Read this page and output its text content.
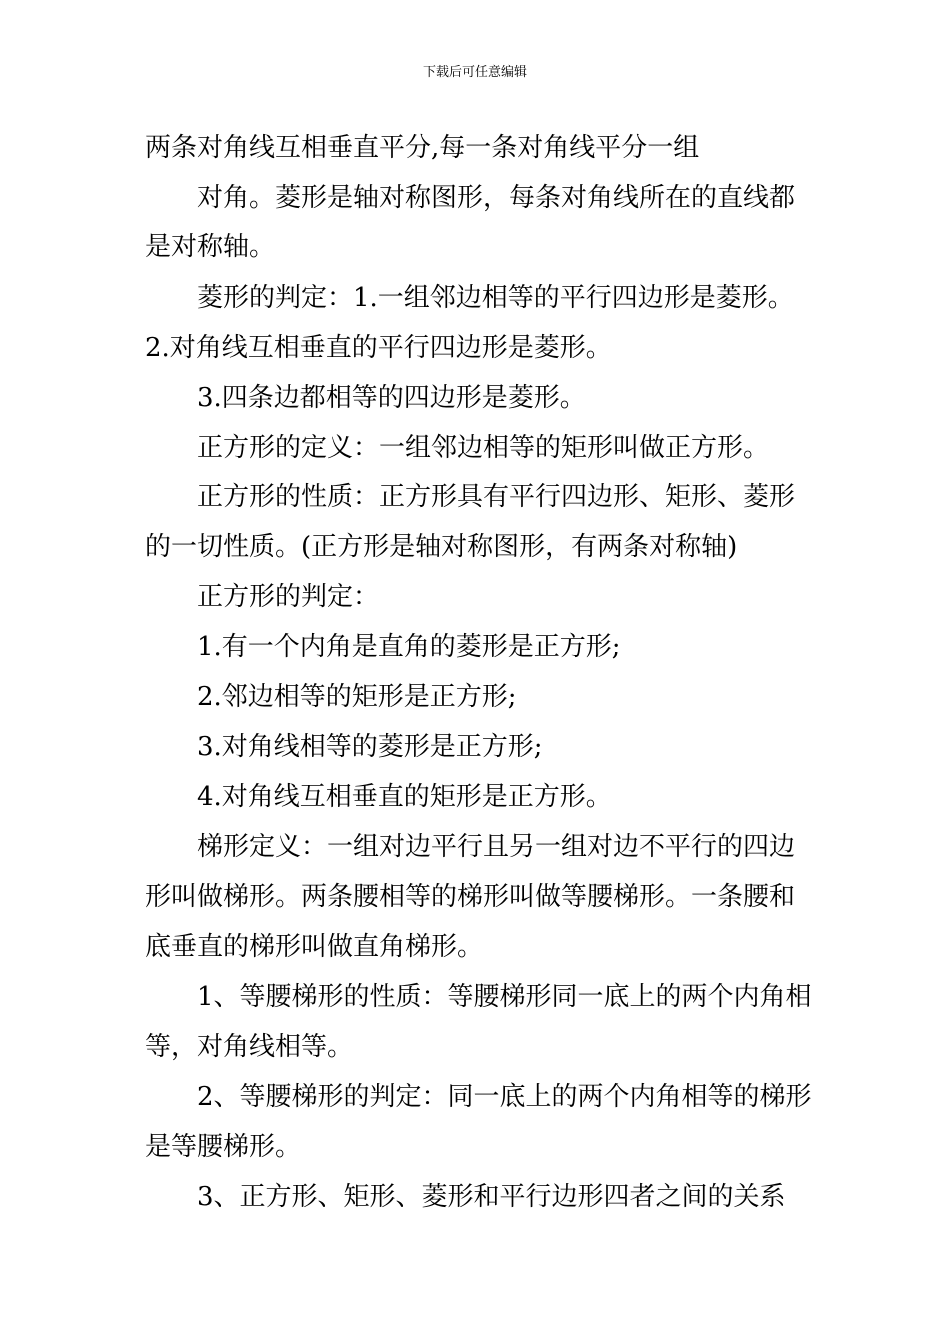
下载后可任意编辑
两条对角线互相垂直平分,每一条对角线平分一组
对角。菱形是轴对称图形，每条对角线所在的直线都
是对称轴。
菱形的判定：1.一组邻边相等的平行四边形是菱形。
2.对角线互相垂直的平行四边形是菱形。
3.四条边都相等的四边形是菱形。
正方形的定义：一组邻边相等的矩形叫做正方形。
正方形的性质：正方形具有平行四边形、矩形、菱形
的一切性质。(正方形是轴对称图形，有两条对称轴)
正方形的判定：
1.有一个内角是直角的菱形是正方形;
2.邻边相等的矩形是正方形;
3.对角线相等的菱形是正方形;
4.对角线互相垂直的矩形是正方形。
梯形定义：一组对边平行且另一组对边不平行的四边
形叫做梯形。两条腰相等的梯形叫做等腰梯形。一条腰和
底垂直的梯形叫做直角梯形。
1、等腰梯形的性质：等腰梯形同一底上的两个内角相
等，对角线相等。
2、等腰梯形的判定：同一底上的两个内角相等的梯形
是等腰梯形。
3、正方形、矩形、菱形和平行边形四者之间的关系
